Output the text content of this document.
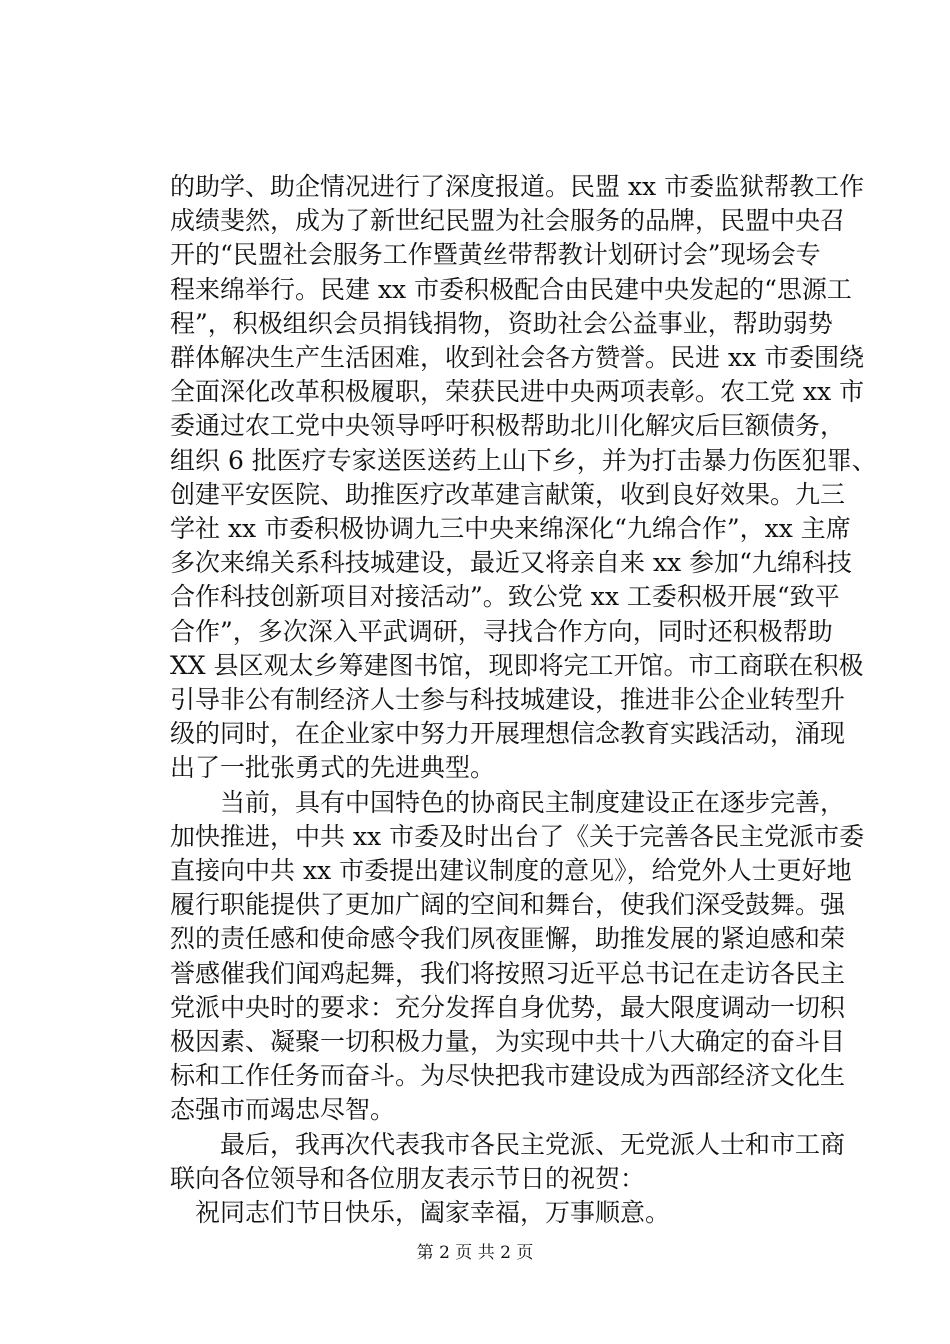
的助学、助企情况进行了深度报道。民盟 xx 市委监狱帮教工作

成绩斐然，成为了新世纪民盟为社会服务的品牌，民盟中央召

开的“民盟社会服务工作暨黄丝带帮教计划研讨会”现场会专

程来绵举行。民建 xx 市委积极配合由民建中央发起的“思源工

程”，积极组织会员捐钱捐物，资助社会公益事业，帮助弱势

群体解决生产生活困难，收到社会各方赞誉。民进 xx 市委围绕

全面深化改革积极履职，荣获民进中央两项表彰。农工党 xx 市

委通过农工党中央领导呼吁积极帮助北川化解灾后巨额债务，

组织 6 批医疗专家送医送药上山下乡，并为打击暴力伤医犯罪、

创建平安医院、助推医疗改革建言献策，收到良好效果。九三

学社 xx 市委积极协调九三中央来绵深化“九绵合作”，xx 主席

多次来绵关系科技城建设，最近又将亲自来 xx 参加“九绵科技

合作科技创新项目对接活动”。致公党 xx 工委积极开展“致平

合作”，多次深入平武调研，寻找合作方向，同时还积极帮助

XX 县区观太乡筹建图书馆，现即将完工开馆。市工商联在积极

引导非公有制经济人士参与科技城建设，推进非公企业转型升

级的同时，在企业家中努力开展理想信念教育实践活动，涌现

出了一批张勇式的先进典型。

　　当前，具有中国特色的协商民主制度建设正在逐步完善，

加快推进，中共 xx 市委及时出台了《关于完善各民主党派市委

直接向中共 xx 市委提出建议制度的意见》，给党外人士更好地

履行职能提供了更加广阔的空间和舞台，使我们深受鼓舞。强

烈的责任感和使命感令我们夙夜匪懈，助推发展的紧迫感和荣

誉感催我们闻鸡起舞，我们将按照习近平总书记在走访各民主

党派中央时的要求：充分发挥自身优势，最大限度调动一切积

极因素、凝聚一切积极力量，为实现中共十八大确定的奋斗目

标和工作任务而奋斗。为尽快把我市建设成为西部经济文化生

态强市而竭忠尽智。

　　最后，我再次代表我市各民主党派、无党派人士和市工商

联向各位领导和各位朋友表示节日的祝贺：

　祝同志们节日快乐，阖家幸福，万事顺意。

第 2 页 共 2 页
